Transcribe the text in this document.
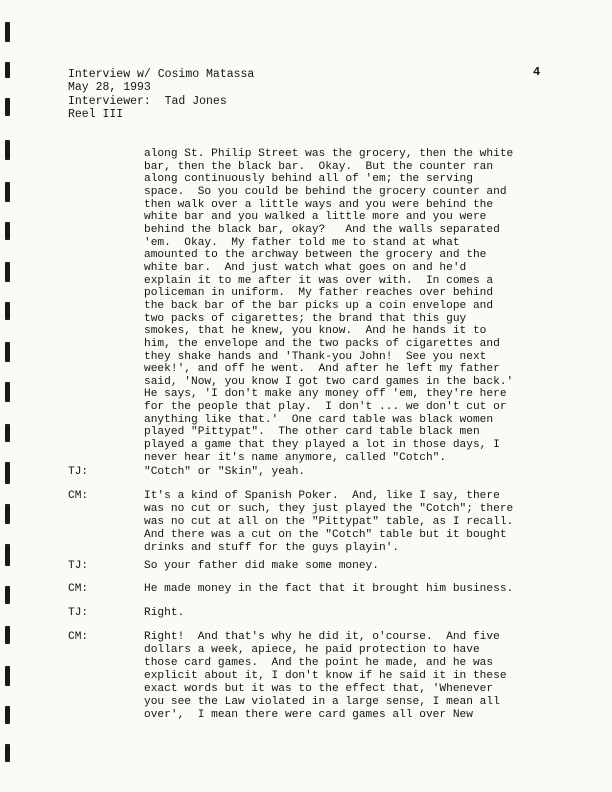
Interview w/ Cosimo Matassa
May 28, 1993
Interviewer:  Tad Jones
Reel III
4
along St. Philip Street was the grocery, then the white
bar, then the black bar.  Okay.  But the counter ran
along continuously behind all of 'em; the serving
space.  So you could be behind the grocery counter and
then walk over a little ways and you were behind the
white bar and you walked a little more and you were
behind the black bar, okay?   And the walls separated
'em.  Okay.  My father told me to stand at what
amounted to the archway between the grocery and the
white bar.  And just watch what goes on and he'd
explain it to me after it was over with.  In comes a
policeman in uniform.  My father reaches over behind
the back bar of the bar picks up a coin envelope and
two packs of cigarettes; the brand that this guy
smokes, that he knew, you know.  And he hands it to
him, the envelope and the two packs of cigarettes and
they shake hands and 'Thank-you John!  See you next
week!', and off he went.  And after he left my father
said, 'Now, you know I got two card games in the back.'
He says, 'I don't make any money off 'em, they're here
for the people that play.  I don't ... we don't cut or
anything like that.'  One card table was black women
played "Pittypat".  The other card table black men
played a game that they played a lot in those days, I
never hear it's name anymore, called "Cotch".
TJ:	"Cotch" or "Skin", yeah.
CM:	It's a kind of Spanish Poker.  And, like I say, there
was no cut or such, they just played the "Cotch"; there
was no cut at all on the "Pittypat" table, as I recall.
And there was a cut on the "Cotch" table but it bought
drinks and stuff for the guys playin'.
TJ:	So your father did make some money.
CM:	He made money in the fact that it brought him business.
TJ:	Right.
CM:	Right!  And that's why he did it, o'course.  And five
dollars a week, apiece, he paid protection to have
those card games.  And the point he made, and he was
explicit about it, I don't know if he said it in these
exact words but it was to the effect that, 'Whenever
you see the Law violated in a large sense, I mean all
over',  I mean there were card games all over New
